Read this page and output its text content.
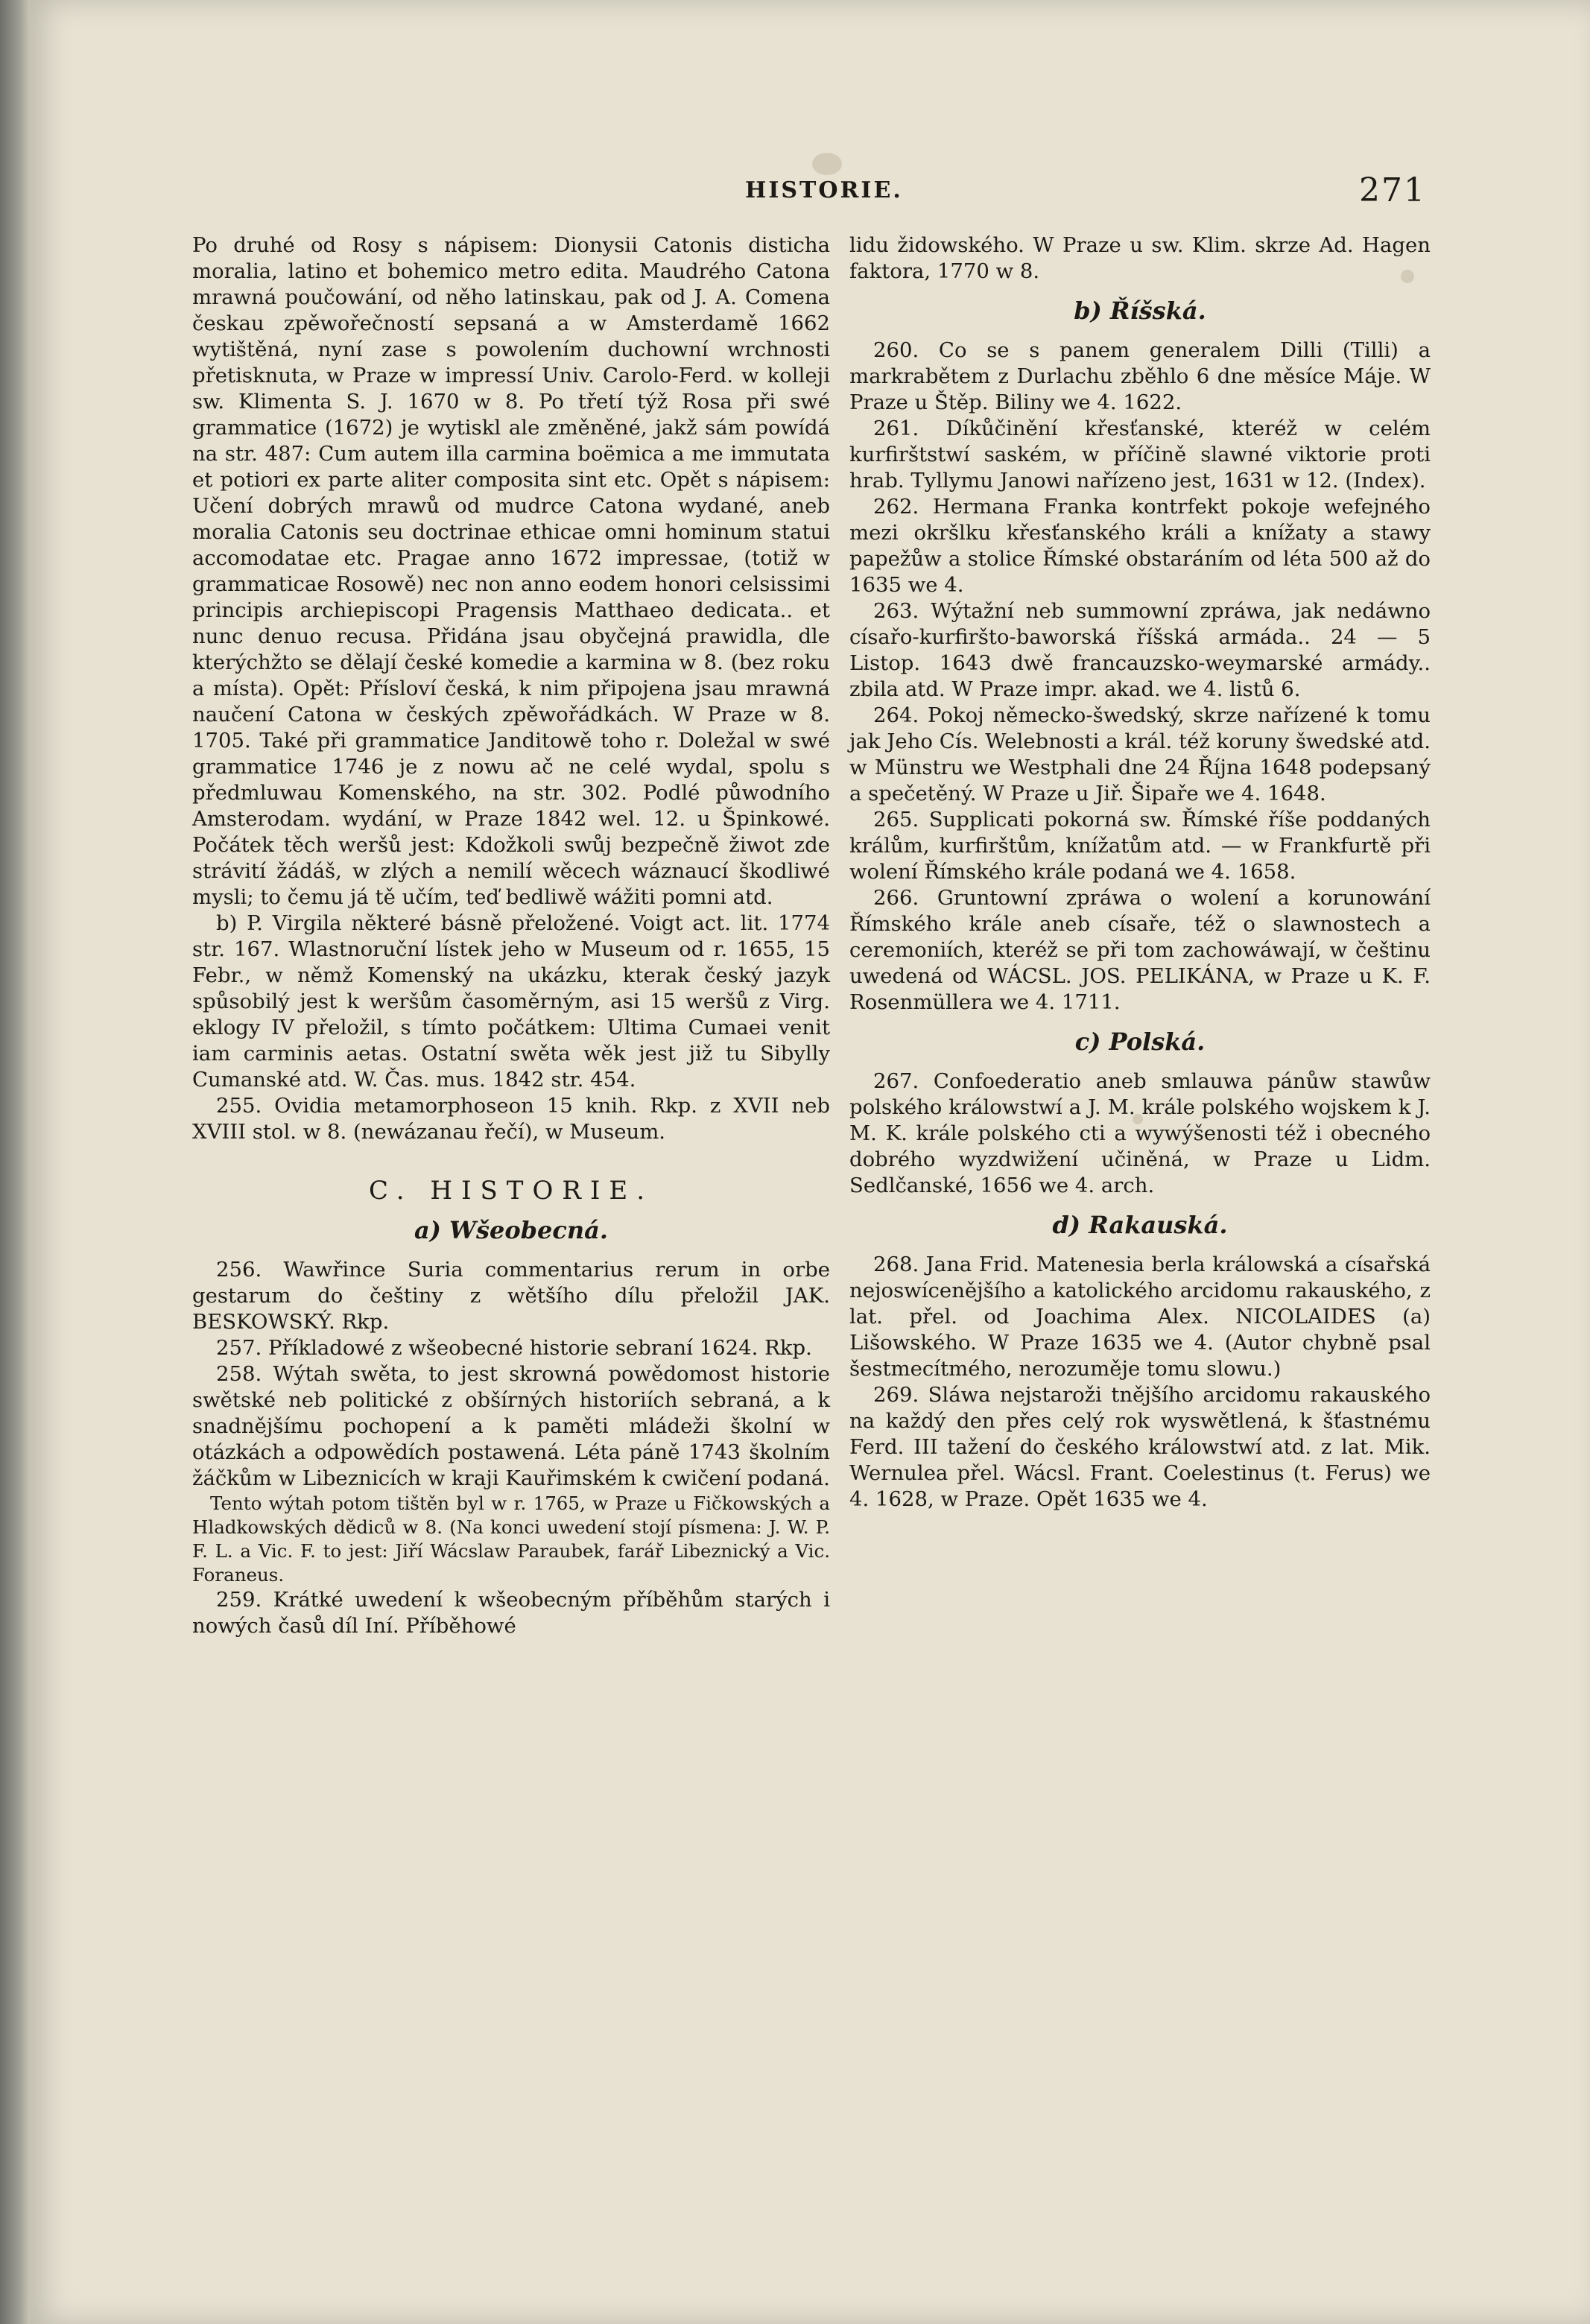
HISTORIE.	271

Po druhé od Rosy s nápisem: Dionysii Catonis disticha moralia, latino et bohemico metro edita. Maudrého Catona mrawná poučowání, od něho latinskau, pak od J. A. Comena českau zpěwořečností sepsaná a w Amsterdamě 1662 wytištěná, nyní zase s powolením duchowní wrchnosti přetisknuta, w Praze w impressí Univ. Carolo-Ferd. w kolleji sw. Klimenta S. J. 1670 w 8. Po třetí týž Rosa při swé grammatice (1672) je wytiskl ale změněné, jakž sám powídá na str. 487: Cum autem illa carmina boëmica a me immutata et potiori ex parte aliter composita sint etc. Opět s nápisem: Učení dobrých mrawů od mudrce Catona wydané, aneb moralia Catonis seu doctrinae ethicae omni hominum statui accomodatae etc. Pragae anno 1672 impressae, (totiž w grammaticae Rosowě) nec non anno eodem honori celsissimi principis archiepiscopi Pragensis Matthaeo dedicata.. et nunc denuo recusa. Přidána jsau obyčejná prawidla, dle kterýchžto se dělají české komedie a karmina w 8. (bez roku a místa). Opět: Přísloví česká, k nim připojena jsau mrawná naučení Catona w českých zpěwořádkách. W Praze w 8. 1705. Také při grammatice Janditowě toho r. Doležal w swé grammatice 1746 je z nowu ač ne celé wydal, spolu s předmluwau Komenského, na str. 302. Podlé půwodního Amsterodam. wydání, w Praze 1842 wel. 12. u Špinkowé. Počátek těch weršů jest: Kdožkoli swůj bezpečně žiwot zde strávití žádáš, w zlých a nemilí wěcech wáznaucí škodliwé mysli; to čemu já tě učím, teď bedliwě wážiti pomni atd.

b) P. Virgila některé básně přeložené. Voigt act. lit. 1774 str. 167. Wlastnoruční lístek jeho w Museum od r. 1655, 15 Febr., w němž Komenský na ukázku, kterak český jazyk spůsobilý jest k weršům časoměrným, asi 15 weršů z Virg. eklogy IV přeložil, s tímto počátkem: Ultima Cumaei venit iam carminis aetas. Ostatní swěta wěk jest již tu Sibylly Cumanské atd. W. Čas. mus. 1842 str. 454.

255. Ovidia metamorphoseon 15 knih. Rkp. z XVII neb XVIII stol. w 8. (newázanau řečí), w Museum.

C. HISTORIE.
a) Wšeobecná.

256. Wawřince Suria commentarius rerum in orbe gestarum do češtiny z wětšího dílu přeložil JAK. BESKOWSKÝ. Rkp.

257. Příkladowé z wšeobecné historie sebraní 1624. Rkp.

258. Wýtah swěta, to jest skrowná powědomost historie swětské neb politické z obšírných historiích sebraná, a k snadnějšímu pochopení a k paměti mládeži školní w otázkách a odpowědích postawená. Léta páně 1743 školním žáčkům w Libeznicích w kraji Kauřimském k cwičení podaná.

Tento wýtah potom tištěn byl w r. 1765, w Praze u Fičkowských a Hladkowských dědiců w 8. (Na konci uwedení stojí písmena: J. W. P. F. L. a Vic. F. to jest: Jiří Wácslaw Paraubek, farář Libeznický a Vic. Foraneus.

259. Krátké uwedení k wšeobecným příběhům starých i nowých časů díl Iní. Příběhowé

lidu židowského. W Praze u sw. Klim. skrze Ad. Hagen faktora, 1770 w 8.

b) Říšská.

260. Co se s panem generalem Dilli (Tilli) a markrabětem z Durlachu zběhlo 6 dne měsíce Máje. W Praze u Štěp. Biliny we 4. 1622.

261. Díkůčinění křesťanské, kteréž w celém kurfirštstwí saském, w příčině slawné viktorie proti hrab. Tyllymu Janowi nařízeno jest, 1631 w 12. (Index).

262. Hermana Franka kontrfekt pokoje wefejného mezi okršlku křesťanského králi a knížaty a stawy papežůw a stolice Římské obstaráním od léta 500 až do 1635 we 4.

263. Wýtažní neb summowní zpráwa, jak nedáwno císařo-kurfiršto-baworská říšská armáda.. 24 — 5 Listop. 1643 dwě francauzsko-weymarské armády.. zbila atd. W Praze impr. akad. we 4. listů 6.

264. Pokoj německo-šwedský, skrze nařízené k tomu jak Jeho Cís. Welebnosti a král. též koruny šwedské atd. w Münstru we Westphali dne 24 Října 1648 podepsaný a spečetěný. W Praze u Jiř. Šipaře we 4. 1648.

265. Supplicati pokorná sw. Římské říše poddaných králům, kurfirštům, knížatům atd. — w Frankfurtě při wolení Římského krále podaná we 4. 1658.

266. Gruntowní zpráwa o wolení a korunowání Římského krále aneb císaře, též o slawnostech a ceremoniích, kteréž se při tom zachowáwají, w češtinu uwedená od WÁCSL. JOS. PELIKÁNA, w Praze u K. F. Rosenmüllera we 4. 1711.

c) Polská.

267. Confoederatio aneb smlauwa pánůw stawůw polského králowstwí a J. M. krále polského wojskem k J. M. K. krále polského cti a wywýšenosti též i obecného dobrého wyzdwižení učiněná, w Praze u Lidm. Sedlčanské, 1656 we 4. arch.

d) Rakauská.

268. Jana Frid. Matenesia berla králowská a císařská nejoswícenějšího a katolického arcidomu rakauského, z lat. přel. od Joachima Alex. NICOLAIDES (a) Lišowského. W Praze 1635 we 4. (Autor chybně psal šestmecítmého, nerozuměje tomu slowu.)

269. Sláwa nejstaroži tnějšího arcidomu rakauského na každý den přes celý rok wyswětlená, k šťastnému Ferd. III tažení do českého králowstwí atd. z lat. Mik. Wernulea přel. Wácsl. Frant. Coelestinus (t. Ferus) we 4. 1628, w Praze. Opět 1635 we 4.
